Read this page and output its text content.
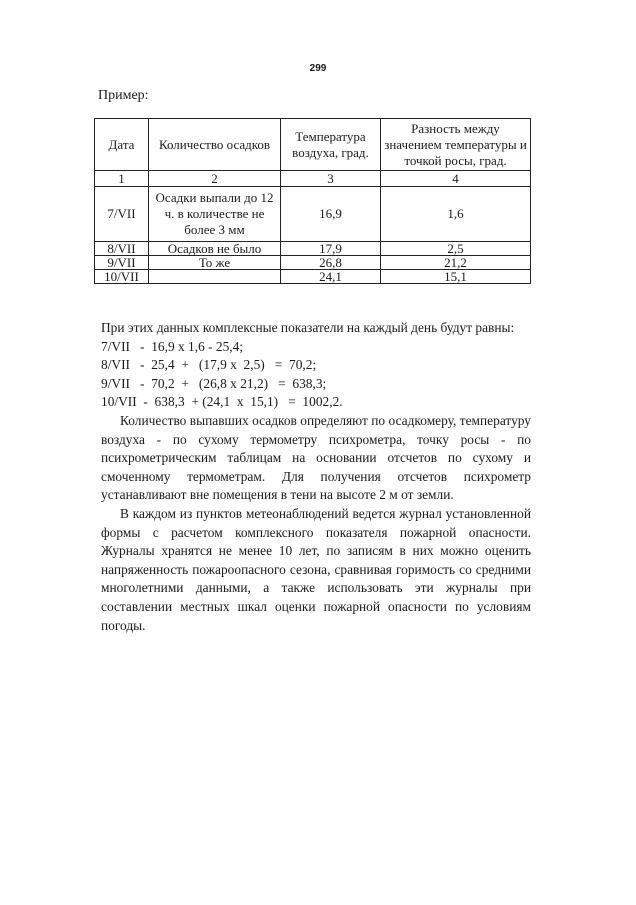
299
Пример:
Дата	Количество осадков	Температура воздуха, град.	Разность между значением температуры и точкой росы, град.
1	2	3	4
7/VII	Осадки выпали до 12 ч. в количестве не более 3 мм	16,9	1,6
8/VII	Осадков не было	17,9	2,5
9/VII	То же	26,8	21,2
10/VII		24,1	15,1

При этих данных комплексные показатели на каждый день будут равны:

7/VII   -  16,9 х 1,6 - 25,4;

8/VII   -  25,4  +   (17,9 х  2,5)   =  70,2;

9/VII   -  70,2  +   (26,8 х 21,2)   =  638,3;

10/VII  -  638,3  + (24,1  х  15,1)   =  1002,2.

Количество выпавших осадков определяют по осадкомеру, температуру воздуха - по сухому термометру психрометра, точку росы - по психрометрическим таблицам на основании отсчетов по сухому и смоченному термометрам. Для получения отсчетов психрометр устанавливают вне помещения в тени на высоте 2 м от земли.

В каждом из пунктов метеонаблюдений ведется журнал установленной формы с расчетом комплексного показателя пожарной опасности. Журналы хранятся не менее 10 лет, по записям в них можно оценить напряженность пожароопасного сезона, сравнивая горимость со средними многолетними данными, а также использовать эти журналы при составлении местных шкал оценки пожарной опасности по условиям погоды.
